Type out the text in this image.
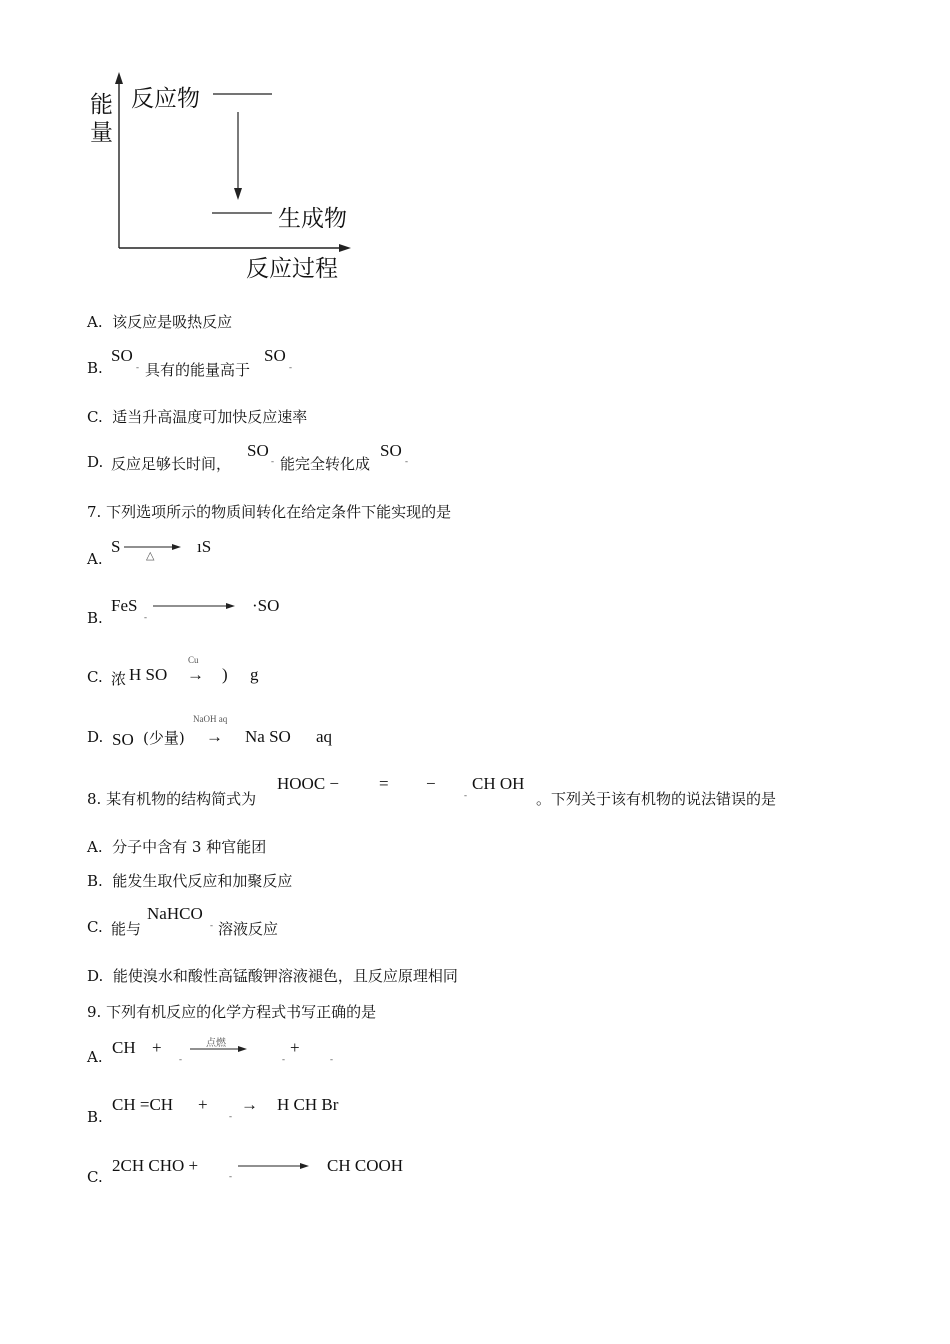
能
量
反应物
生成物
反应过程
A. 该反应是吸热反应
B.
SO
- 具有的能量高于
SO
-
C. 适当升高温度可加快反应速率
D. 反应足够长时间，
SO
- 能完全转化成
SO
-
7. 下列选项所示的物质间转化在给定条件下能实现的是
A.
S △	ıS
B.
FeS
-
·SO
C. 浓 H SO
Cu
→ ) g
D. SO (少量)
NaOH aq
→ Na SO aq
8. 某有机物的结构简式为
HOOC − = −
-
CH OH
。下列关于该有机物的说法错误的是
A. 分子中含有 3 种官能团
B. 能发生取代反应和加聚反应
C. 能与
NaHCO
- 溶液反应
D. 能使溴水和酸性高锰酸钾溶液褪色，且反应原理相同
9. 下列有机反应的化学方程式书写正确的是
A. CH +
-
点燃
-
+
-
B.
CH =CH +
-
→ H CH Br
C.
2CH CHO +
-
CH COOH
